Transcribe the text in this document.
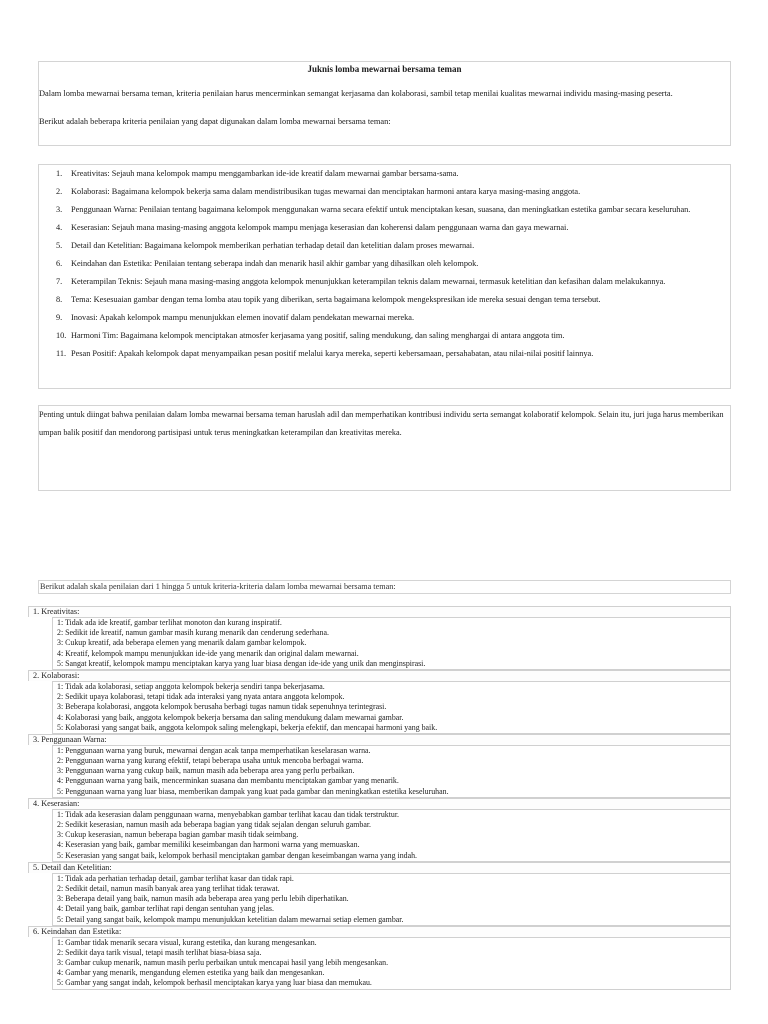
Juknis lomba mewarnai bersama teman

Dalam lomba mewarnai bersama teman, kriteria penilaian harus mencerminkan semangat kerjasama dan kolaborasi, sambil tetap menilai kualitas mewarnai individu masing-masing peserta.

Berikut adalah beberapa kriteria penilaian yang dapat digunakan dalam lomba mewarnai bersama teman:

1. Kreativitas: Sejauh mana kelompok mampu menggambarkan ide-ide kreatif dalam mewarnai gambar bersama-sama.
2. Kolaborasi: Bagaimana kelompok bekerja sama dalam mendistribusikan tugas mewarnai dan menciptakan harmoni antara karya masing-masing anggota.
3. Penggunaan Warna: Penilaian tentang bagaimana kelompok menggunakan warna secara efektif untuk menciptakan kesan, suasana, dan meningkatkan estetika gambar secara keseluruhan.
4. Keserasian: Sejauh mana masing-masing anggota kelompok mampu menjaga keserasian dan koherensi dalam penggunaan warna dan gaya mewarnai.
5. Detail dan Ketelitian: Bagaimana kelompok memberikan perhatian terhadap detail dan ketelitian dalam proses mewarnai.
6. Keindahan dan Estetika: Penilaian tentang seberapa indah dan menarik hasil akhir gambar yang dihasilkan oleh kelompok.
7. Keterampilan Teknis: Sejauh mana masing-masing anggota kelompok menunjukkan keterampilan teknis dalam mewarnai, termasuk ketelitian dan kefasihan dalam melakukannya.
8. Tema: Kesesuaian gambar dengan tema lomba atau topik yang diberikan, serta bagaimana kelompok mengekspresikan ide mereka sesuai dengan tema tersebut.
9. Inovasi: Apakah kelompok mampu menunjukkan elemen inovatif dalam pendekatan mewarnai mereka.
10. Harmoni Tim: Bagaimana kelompok menciptakan atmosfer kerjasama yang positif, saling mendukung, dan saling menghargai di antara anggota tim.
11. Pesan Positif: Apakah kelompok dapat menyampaikan pesan positif melalui karya mereka, seperti kebersamaan, persahabatan, atau nilai-nilai positif lainnya.

Penting untuk diingat bahwa penilaian dalam lomba mewarnai bersama teman haruslah adil dan memperhatikan kontribusi individu serta semangat kolaboratif kelompok. Selain itu, juri juga harus memberikan umpan balik positif dan mendorong partisipasi untuk terus meningkatkan keterampilan dan kreativitas mereka.

Berikut adalah skala penilaian dari 1 hingga 5 untuk kriteria-kriteria dalam lomba mewarnai bersama teman:
1. Kreativitas:
1: Tidak ada ide kreatif, gambar terlihat monoton dan kurang inspiratif.
2: Sedikit ide kreatif, namun gambar masih kurang menarik dan cenderung sederhana.
3: Cukup kreatif, ada beberapa elemen yang menarik dalam gambar kelompok.
4: Kreatif, kelompok mampu menunjukkan ide-ide yang menarik dan original dalam mewarnai.
5: Sangat kreatif, kelompok mampu menciptakan karya yang luar biasa dengan ide-ide yang unik dan menginspirasi.
2. Kolaborasi:
1: Tidak ada kolaborasi, setiap anggota kelompok bekerja sendiri tanpa bekerjasama.
2: Sedikit upaya kolaborasi, tetapi tidak ada interaksi yang nyata antara anggota kelompok.
3: Beberapa kolaborasi, anggota kelompok berusaha berbagi tugas namun tidak sepenuhnya terintegrasi.
4: Kolaborasi yang baik, anggota kelompok bekerja bersama dan saling mendukung dalam mewarnai gambar.
5: Kolaborasi yang sangat baik, anggota kelompok saling melengkapi, bekerja efektif, dan mencapai harmoni yang baik.
3. Penggunaan Warna:
1: Penggunaan warna yang buruk, mewarnai dengan acak tanpa memperhatikan keselarasan warna.
2: Penggunaan warna yang kurang efektif, tetapi beberapa usaha untuk mencoba berbagai warna.
3: Penggunaan warna yang cukup baik, namun masih ada beberapa area yang perlu perbaikan.
4: Penggunaan warna yang baik, mencerminkan suasana dan membantu menciptakan gambar yang menarik.
5: Penggunaan warna yang luar biasa, memberikan dampak yang kuat pada gambar dan meningkatkan estetika keseluruhan.
4. Keserasian:
1: Tidak ada keserasian dalam penggunaan warna, menyebabkan gambar terlihat kacau dan tidak terstruktur.
2: Sedikit keserasian, namun masih ada beberapa bagian yang tidak sejalan dengan seluruh gambar.
3: Cukup keserasian, namun beberapa bagian gambar masih tidak seimbang.
4: Keserasian yang baik, gambar memiliki keseimbangan dan harmoni warna yang memuaskan.
5: Keserasian yang sangat baik, kelompok berhasil menciptakan gambar dengan keseimbangan warna yang indah.
5. Detail dan Ketelitian:
1: Tidak ada perhatian terhadap detail, gambar terlihat kasar dan tidak rapi.
2: Sedikit detail, namun masih banyak area yang terlihat tidak terawat.
3: Beberapa detail yang baik, namun masih ada beberapa area yang perlu lebih diperhatikan.
4: Detail yang baik, gambar terlihat rapi dengan sentuhan yang jelas.
5: Detail yang sangat baik, kelompok mampu menunjukkan ketelitian dalam mewarnai setiap elemen gambar.
6. Keindahan dan Estetika:
1: Gambar tidak menarik secara visual, kurang estetika, dan kurang mengesankan.
2: Sedikit daya tarik visual, tetapi masih terlihat biasa-biasa saja.
3: Gambar cukup menarik, namun masih perlu perbaikan untuk mencapai hasil yang lebih mengesankan.
4: Gambar yang menarik, mengandung elemen estetika yang baik dan mengesankan.
5: Gambar yang sangat indah, kelompok berhasil menciptakan karya yang luar biasa dan memukau.
